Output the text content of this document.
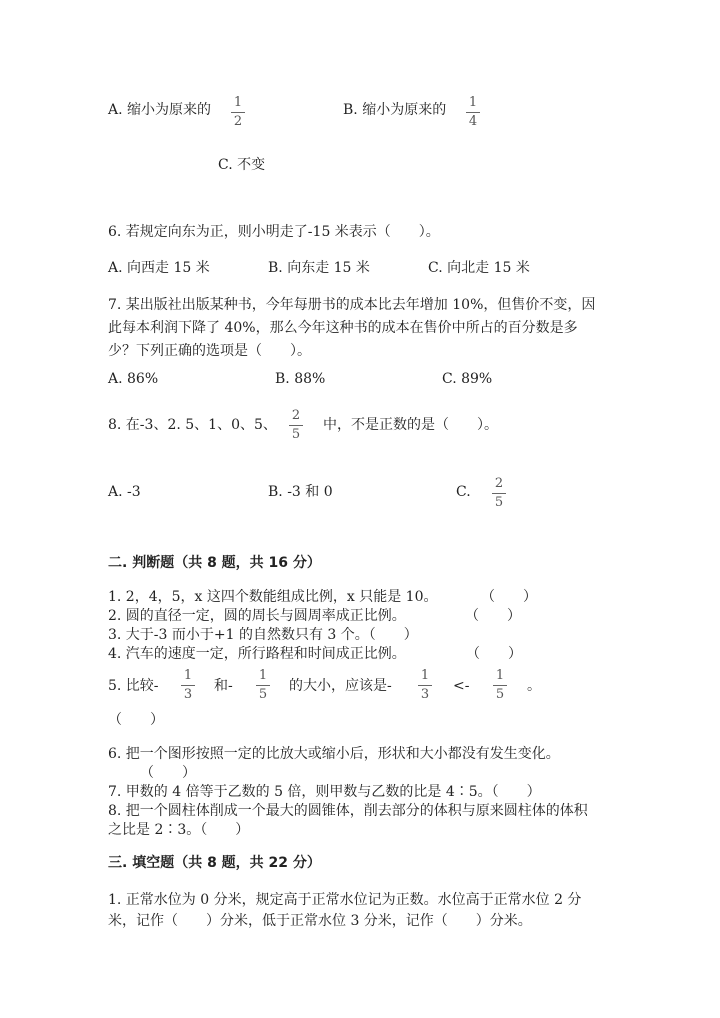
A. 缩小为原来的 1
2
B. 缩小为原来的 1
4
C. 不变
6. 若规定向东为正，则小明走了-15 米表示（　　）。
A. 向西走 15 米	B. 向东走 15 米	C. 向北走 15 米
7. 某出版社出版某种书，今年每册书的成本比去年增加 10%，但售价不变，因
此每本利润下降了 40%，那么今年这种书的成本在售价中所占的百分数是多
少？下列正确的选项是（　　）。
A. 86%	B. 88%	C. 89%
8. 在-3、2. 5、1、0、5、
2
5
中，不是正数的是（　　）。
A. -3	B. -3 和 0	C.
2
5
二. 判断题（共 8 题，共 16 分）
1. 2，4，5，x 这四个数能组成比例，x 只能是 10。	（　　）
2. 圆的直径一定，圆的周长与圆周率成正比例。	（　　）
3. 大于-3 而小于+1 的自然数只有 3 个。（　　）
4. 汽车的速度一定，所行路程和时间成正比例。	（　　）
5. 比较-
1
3
和-
1
5
的大小，应该是-
1
3
<-
1
5
。
（　　）
6. 把一个图形按照一定的比放大或缩小后，形状和大小都没有发生变化。
（　　）
7. 甲数的 4 倍等于乙数的 5 倍，则甲数与乙数的比是 4∶5。（　　）
8. 把一个圆柱体削成一个最大的圆锥体，削去部分的体积与原来圆柱体的体积
之比是 2∶3。（　　）
三. 填空题（共 8 题，共 22 分）
1. 正常水位为 0 分米，规定高于正常水位记为正数。水位高于正常水位 2 分
米，记作（　　）分米，低于正常水位 3 分米，记作（　　）分米。
